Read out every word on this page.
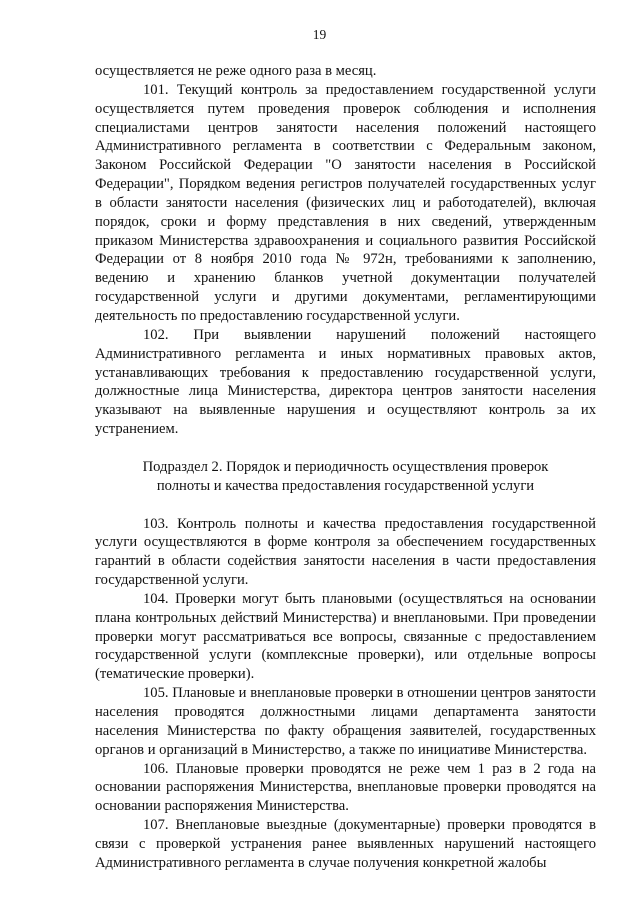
19

осуществляется не реже одного раза в месяц.

101. Текущий контроль за предоставлением государственной услуги осуществляется путем проведения проверок соблюдения и исполнения специалистами центров занятости населения положений настоящего Административного регламента в соответствии с Федеральным законом, Законом Российской Федерации "О занятости населения в Российской Федерации", Порядком ведения регистров получателей государственных услуг в области занятости населения (физических лиц и работодателей), включая порядок, сроки и форму представления в них сведений, утвержденным приказом Министерства здравоохранения и социального развития Российской Федерации от 8 ноября 2010 года № 972н, требованиями к заполнению, ведению и хранению бланков учетной документации получателей государственной услуги и другими документами, регламентирующими деятельность по предоставлению государственной услуги.

102. При выявлении нарушений положений настоящего Административного регламента и иных нормативных правовых актов, устанавливающих требования к предоставлению государственной услуги, должностные лица Министерства, директора центров занятости населения указывают на выявленные нарушения и осуществляют контроль за их устранением.

Подраздел 2. Порядок и периодичность осуществления проверок
полноты и качества предоставления государственной услуги

103. Контроль полноты и качества предоставления государственной услуги осуществляются в форме контроля за обеспечением государственных гарантий в области содействия занятости населения в части предоставления государственной услуги.

104. Проверки могут быть плановыми (осуществляться на основании плана контрольных действий Министерства) и внеплановыми. При проведении проверки могут рассматриваться все вопросы, связанные с предоставлением государственной услуги (комплексные проверки), или отдельные вопросы (тематические проверки).

105. Плановые и внеплановые проверки в отношении центров занятости населения проводятся должностными лицами департамента занятости населения Министерства по факту обращения заявителей, государственных органов и организаций в Министерство, а также по инициативе Министерства.

106. Плановые проверки проводятся не реже чем 1 раз в 2 года на основании распоряжения Министерства, внеплановые проверки проводятся на основании распоряжения Министерства.

107. Внеплановые выездные (документарные) проверки проводятся в связи с проверкой устранения ранее выявленных нарушений настоящего Административного регламента в случае получения конкретной жалобы
